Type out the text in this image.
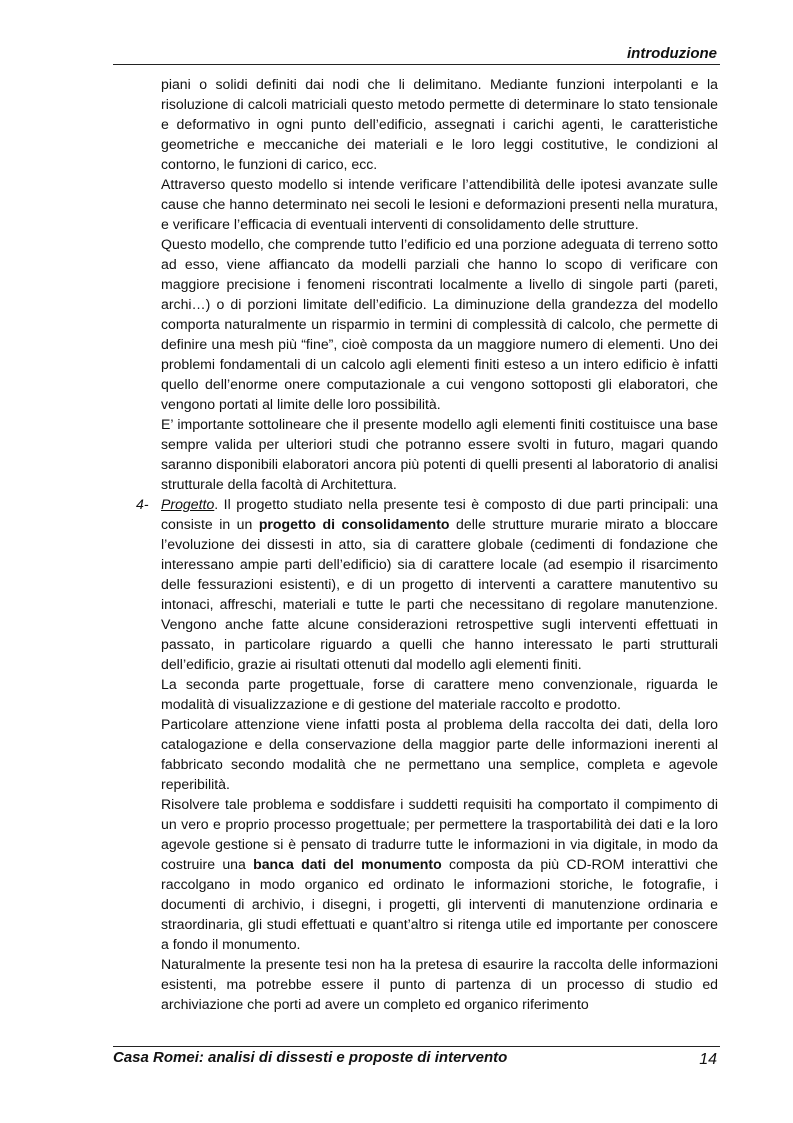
introduzione

piani o solidi definiti dai nodi che li delimitano. Mediante funzioni interpolanti e la risoluzione di calcoli matriciali questo metodo permette di determinare lo stato tensionale e deformativo in ogni punto dell’edificio, assegnati i carichi agenti, le caratteristiche geometriche e meccaniche dei materiali e le loro leggi costitutive, le condizioni al contorno, le funzioni di carico, ecc.

Attraverso questo modello si intende verificare l’attendibilità delle ipotesi avanzate sulle cause che hanno determinato nei secoli le lesioni e deformazioni presenti nella muratura, e verificare l’efficacia di eventuali interventi di consolidamento delle strutture.

Questo modello, che comprende tutto l’edificio ed una porzione adeguata di terreno sotto ad esso, viene affiancato da modelli parziali che hanno lo scopo di verificare con maggiore precisione i fenomeni riscontrati localmente a livello di singole parti (pareti, archi…) o di porzioni limitate dell’edificio. La diminuzione della grandezza del modello comporta naturalmente un risparmio in termini di complessità di calcolo, che permette di definire una mesh più “fine”, cioè composta da un maggiore numero di elementi. Uno dei problemi fondamentali di un calcolo agli elementi finiti esteso a un intero edificio è infatti quello dell’enorme onere computazionale a cui vengono sottoposti gli elaboratori, che vengono portati al limite delle loro possibilità.

E’ importante sottolineare che il presente modello agli elementi finiti costituisce una base sempre valida per ulteriori studi che potranno essere svolti in futuro, magari quando saranno disponibili elaboratori ancora più potenti di quelli presenti al laboratorio di analisi strutturale della facoltà di Architettura.

4- Progetto. Il progetto studiato nella presente tesi è composto di due parti principali: una consiste in un progetto di consolidamento delle strutture murarie mirato a bloccare l’evoluzione dei dissesti in atto, sia di carattere globale (cedimenti di fondazione che interessano ampie parti dell’edificio) sia di carattere locale (ad esempio il risarcimento delle fessurazioni esistenti), e di un progetto di interventi a carattere manutentivo su intonaci, affreschi, materiali e tutte le parti che necessitano di regolare manutenzione. Vengono anche fatte alcune considerazioni retrospettive sugli interventi effettuati in passato, in particolare riguardo a quelli che hanno interessato le parti strutturali dell’edificio, grazie ai risultati ottenuti dal modello agli elementi finiti.

La seconda parte progettuale, forse di carattere meno convenzionale, riguarda le modalità di visualizzazione e di gestione del materiale raccolto e prodotto.

Particolare attenzione viene infatti posta al problema della raccolta dei dati, della loro catalogazione e della conservazione della maggior parte delle informazioni inerenti al fabbricato secondo modalità che ne permettano una semplice, completa e agevole reperibilità.

Risolvere tale problema e soddisfare i suddetti requisiti ha comportato il compimento di un vero e proprio processo progettuale; per permettere la trasportabilità dei dati e la loro agevole gestione si è pensato di tradurre tutte le informazioni in via digitale, in modo da costruire una banca dati del monumento composta da più CD-ROM interattivi che raccolgano in modo organico ed ordinato le informazioni storiche, le fotografie, i documenti di archivio, i disegni, i progetti, gli interventi di manutenzione ordinaria e straordinaria, gli studi effettuati e quant’altro si ritenga utile ed importante per conoscere a fondo il monumento.

Naturalmente la presente tesi non ha la pretesa di esaurire la raccolta delle informazioni esistenti, ma potrebbe essere il punto di partenza di un processo di studio ed archiviazione che porti ad avere un completo ed organico riferimento

Casa Romei: analisi di dissesti e proposte di intervento	14
